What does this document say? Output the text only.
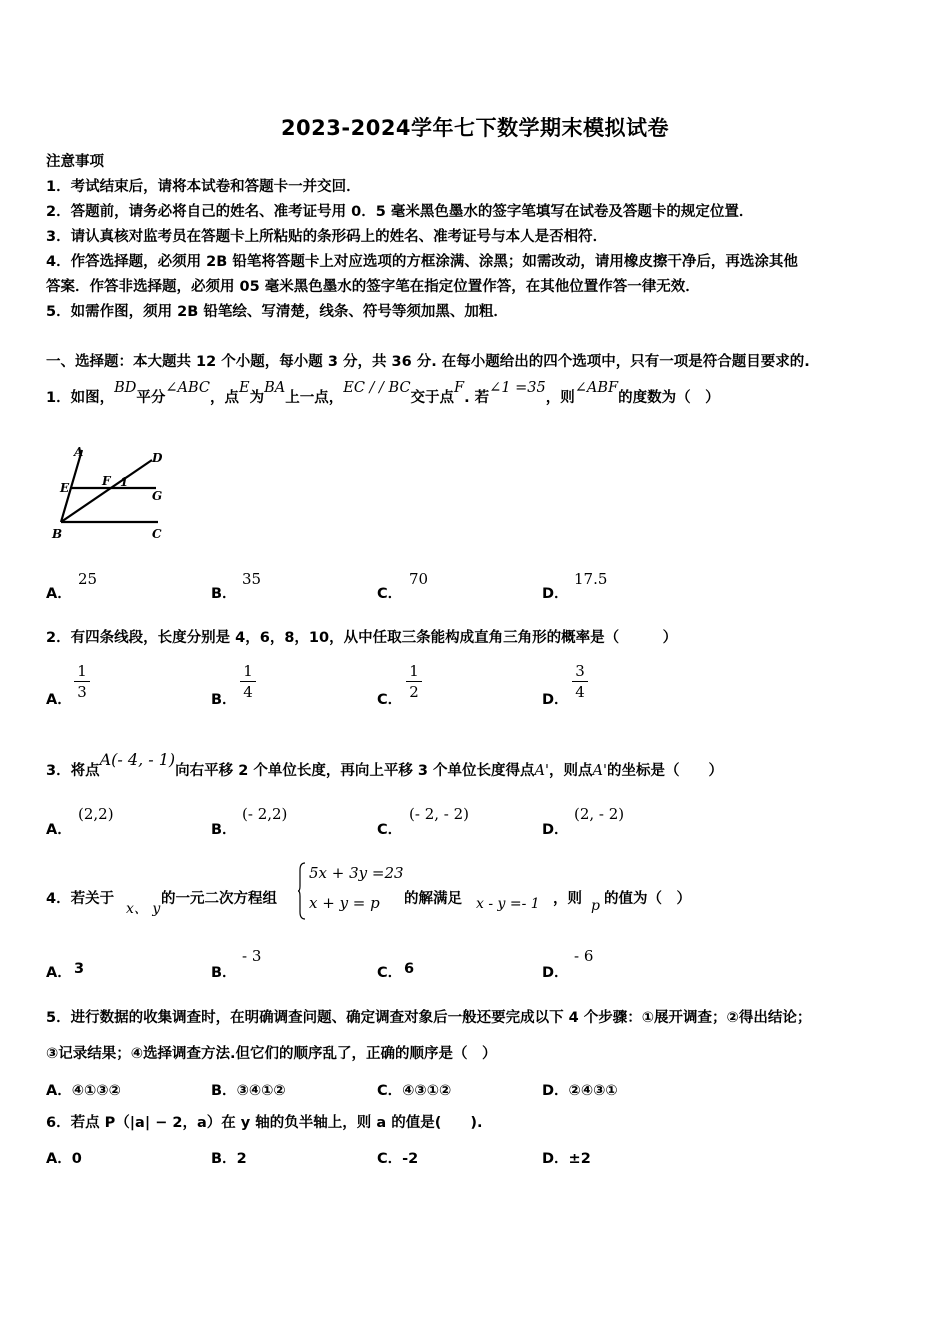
2023-2024学年七下数学期末模拟试卷
注意事项
1．考试结束后，请将本试卷和答题卡一并交回．
2．答题前，请务必将自己的姓名、准考证号用 0．5 毫米黑色墨水的签字笔填写在试卷及答题卡的规定位置．
3．请认真核对监考员在答题卡上所粘贴的条形码上的姓名、准考证号与本人是否相符．
4．作答选择题，必须用 2B 铅笔将答题卡上对应选项的方框涂满、涂黑；如需改动，请用橡皮擦干净后，再选涂其他
答案．作答非选择题，必须用 05 毫米黑色墨水的签字笔在指定位置作答，在其他位置作答一律无效．
5．如需作图，须用 2B 铅笔绘、写清楚，线条、符号等须加黑、加粗．
一、选择题：本大题共 12 个小题，每小题 3 分，共 36 分. 在每小题给出的四个选项中，只有一项是符合题目要求的.
1．如图，BD平分∠ABC，点E为BA上一点，EC / / BC交于点F. 若∠1 =35，则∠ABF的度数为（　）
A	D
E	F 1
G
B	C
A．
25
B．
35
C．
70
D．
17.5
2．有四条线段，长度分别是 4，6，8，10，从中任取三条能构成直角三角形的概率是（　　　）
A．
1
3	B．
1
4	C．
1
2	D．
3
4
3．将点A(- 4, - 1)向右平移 2 个单位长度，再向上平移 3 个单位长度得点A'，则点A'的坐标是（　　）
A．
(2,2)
B．
(- 2,2)
C．
(- 2, - 2)
D．
(2, - 2)
4．若关于
x、 y
的一元二次方程组
5x + 3y =23
x + y = p 的解满足 x - y =- 1 ，则 p 的值为（　）
A． 3	B．
- 3
C． 6	D．
- 6
5．进行数据的收集调查时，在明确调查问题、确定调查对象后一般还要完成以下 4 个步骤：①展开调查；②得出结论；
③记录结果；④选择调查方法.但它们的顺序乱了，正确的顺序是（　）
A．④①③②	B．③④①②	C．④③①②	D．②④③①
6．若点 P（|a| − 2，a）在 y 轴的负半轴上，则 a 的值是(　　).
A．0	B．2	C．-2	D．±2
